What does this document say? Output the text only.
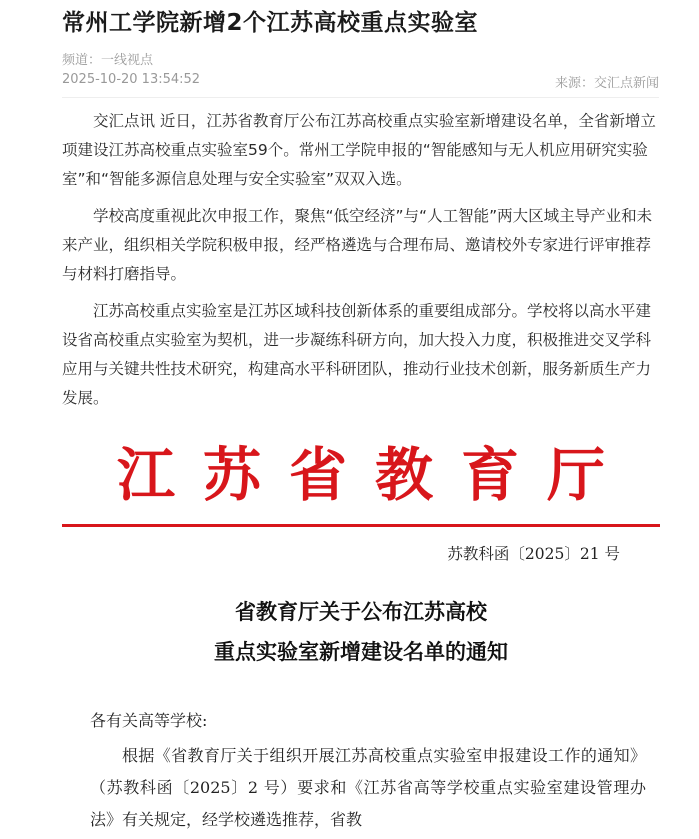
常州工学院新增2个江苏高校重点实验室
频道：一线视点
2025-10-20 13:54:52	来源：交汇点新闻

交汇点讯 近日，江苏省教育厅公布江苏高校重点实验室新增建设名单，全省新增立项建设江苏高校重点实验室59个。常州工学院申报的“智能感知与无人机应用研究实验室”和“智能多源信息处理与安全实验室”双双入选。

学校高度重视此次申报工作，聚焦“低空经济”与“人工智能”两大区域主导产业和未来产业，组织相关学院积极申报，经严格遴选与合理布局、邀请校外专家进行评审推荐与材料打磨指导。

江苏高校重点实验室是江苏区域科技创新体系的重要组成部分。学校将以高水平建设省高校重点实验室为契机，进一步凝练科研方向，加大投入力度，积极推进交叉学科应用与关键共性技术研究，构建高水平科研团队，推动行业技术创新，服务新质生产力发展。

江苏省教育厅
苏教科函〔2025〕21 号
省教育厅关于公布江苏高校
重点实验室新增建设名单的通知
各有关高等学校:

根据《省教育厅关于组织开展江苏高校重点实验室申报建设工作的通知》（苏教科函〔2025〕2 号）要求和《江苏省高等学校重点实验室建设管理办法》有关规定，经学校遴选推荐，省教
